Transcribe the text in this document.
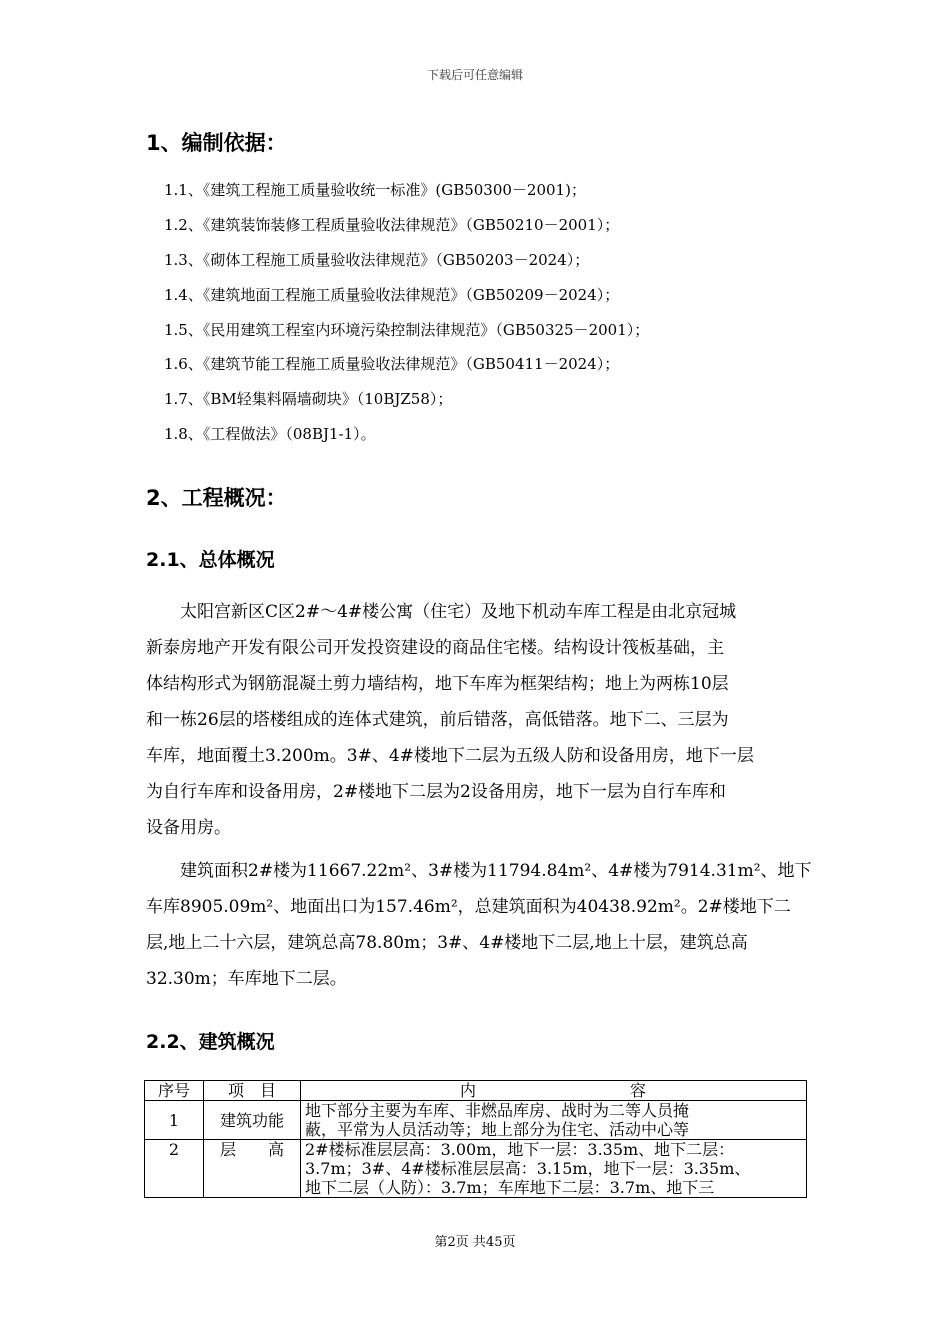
下载后可任意编辑
1、编制依据：
1.1、《建筑工程施工质量验收统一标准》(GB50300－2001)；
1.2、《建筑装饰装修工程质量验收法律规范》（GB50210－2001）；
1.3、《砌体工程施工质量验收法律规范》（GB50203－2024）；
1.4、《建筑地面工程施工质量验收法律规范》（GB50209－2024）；
1.5、《民用建筑工程室内环境污染控制法律规范》（GB50325－2001）；
1.6、《建筑节能工程施工质量验收法律规范》（GB50411－2024）；
1.7、《BM轻集料隔墙砌块》（10BJZ58）；
1.8、《工程做法》（08BJ1-1）。
2、工程概况：
2.1、总体概况
太阳宫新区C区2#～4#楼公寓（住宅）及地下机动车库工程是由北京冠城
新泰房地产开发有限公司开发投资建设的商品住宅楼。结构设计筏板基础，主
体结构形式为钢筋混凝土剪力墙结构，地下车库为框架结构；地上为两栋10层
和一栋26层的塔楼组成的连体式建筑，前后错落，高低错落。地下二、三层为
车库，地面覆土3.200m。3#、4#楼地下二层为五级人防和设备用房，地下一层
为自行车库和设备用房，2#楼地下二层为2设备用房，地下一层为自行车库和
设备用房。
建筑面积2#楼为11667.22m²、3#楼为11794.84m²、4#楼为7914.31m²、地下
车库8905.09m²、地面出口为157.46m²，总建筑面积为40438.92m²。2#楼地下二
层,地上二十六层，建筑总高78.80m；3#、4#楼地下二层,地上十层，建筑总高
32.30m；车库地下二层。
2.2、建筑概况
序号	项　目	内　　　　　　　　　容
1	建筑功能	地下部分主要为车库、非燃品库房、战时为二等人员掩
蔽，平常为人员活动等；地上部分为住宅、活动中心等

2	层　　高	2#楼标准层层高：3.00m，地下一层：3.35m、地下二层：
3.7m；3#、4#楼标准层层高：3.15m，地下一层：3.35m、
地下二层（人防）：3.7m；车库地下二层：3.7m、地下三
第2页 共45页
